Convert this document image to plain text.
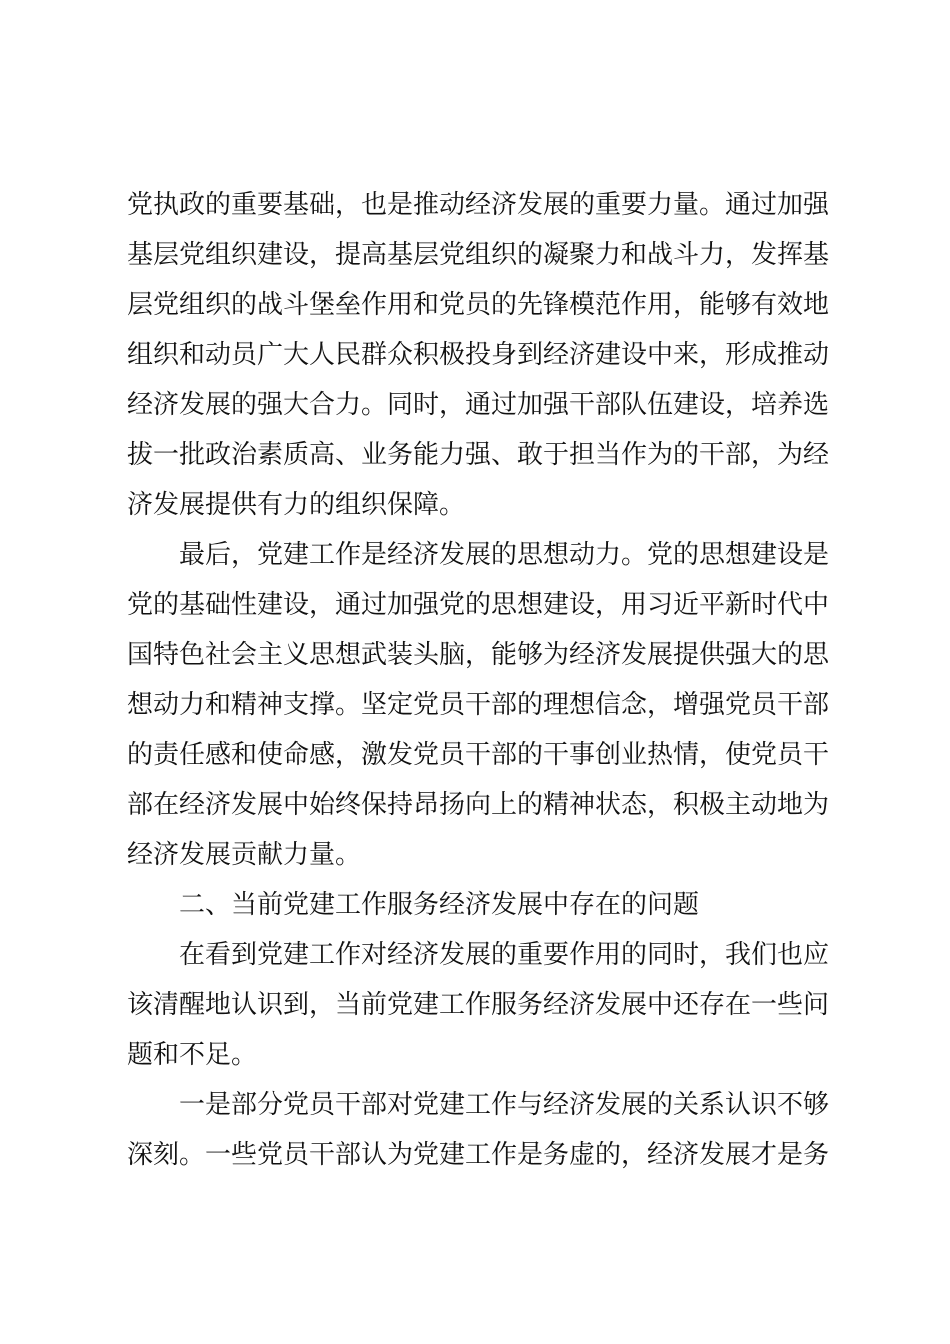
党执政的重要基础，也是推动经济发展的重要力量。通过加强
基层党组织建设，提高基层党组织的凝聚力和战斗力，发挥基
层党组织的战斗堡垒作用和党员的先锋模范作用，能够有效地
组织和动员广大人民群众积极投身到经济建设中来，形成推动
经济发展的强大合力。同时，通过加强干部队伍建设，培养选
拔一批政治素质高、业务能力强、敢于担当作为的干部，为经
济发展提供有力的组织保障。
最后，党建工作是经济发展的思想动力。党的思想建设是
党的基础性建设，通过加强党的思想建设，用习近平新时代中
国特色社会主义思想武装头脑，能够为经济发展提供强大的思
想动力和精神支撑。坚定党员干部的理想信念，增强党员干部
的责任感和使命感，激发党员干部的干事创业热情，使党员干
部在经济发展中始终保持昂扬向上的精神状态，积极主动地为
经济发展贡献力量。
二、当前党建工作服务经济发展中存在的问题
在看到党建工作对经济发展的重要作用的同时，我们也应
该清醒地认识到，当前党建工作服务经济发展中还存在一些问
题和不足。
一是部分党员干部对党建工作与经济发展的关系认识不够
深刻。一些党员干部认为党建工作是务虚的，经济发展才是务
